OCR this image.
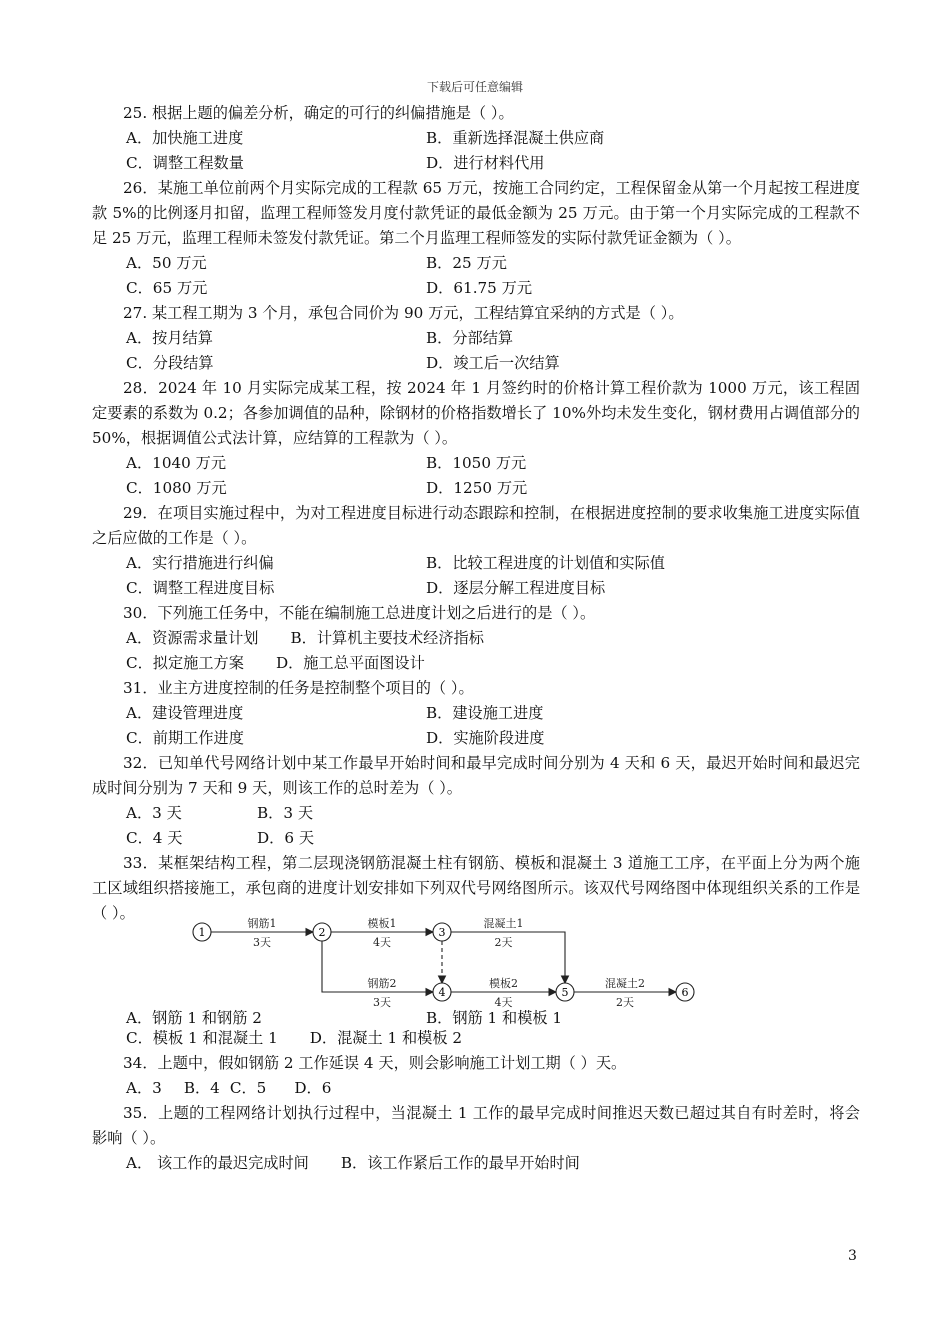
下载后可任意编辑

25. 根据上题的偏差分析，确定的可行的纠偏措施是（ ）。

A．加快施工进度	B．重新选择混凝土供应商
C．调整工程数量	D．进行材料代用

26．某施工单位前两个月实际完成的工程款 65 万元，按施工合同约定，工程保留金从第一个月起按工程进度款 5%的比例逐月扣留，监理工程师签发月度付款凭证的最低金额为 25 万元。由于第一个月实际完成的工程款不足 25 万元，监理工程师未签发付款凭证。第二个月监理工程师签发的实际付款凭证金额为（ ）。

A．50 万元	B．25 万元
C．65 万元	D．61.75 万元

27. 某工程工期为 3 个月，承包合同价为 90 万元，工程结算宜采纳的方式是（ ）。

A．按月结算	B．分部结算
C．分段结算	D．竣工后一次结算

28．2024 年 10 月实际完成某工程，按 2024 年 1 月签约时的价格计算工程价款为 1000 万元，该工程固定要素的系数为 0.2；各参加调值的品种，除钢材的价格指数增长了 10%外均未发生变化，钢材费用占调值部分的 50%，根据调值公式法计算，应结算的工程款为（ ）。

A．1040 万元	B．1050 万元
C．1080 万元	D．1250 万元

29．在项目实施过程中，为对工程进度目标进行动态跟踪和控制，在根据进度控制的要求收集施工进度实际值之后应做的工作是（ ）。

A．实行措施进行纠偏	B．比较工程进度的计划值和实际值
C．调整工程进度目标	D．逐层分解工程进度目标

30．下列施工任务中，不能在编制施工总进度计划之后进行的是（ ）。

A．资源需求量计划 B．计算机主要技术经济指标
C．拟定施工方案 D．施工总平面图设计

31．业主方进度控制的任务是控制整个项目的（ ）。

A．建设管理进度	B．建设施工进度
C．前期工作进度	D．实施阶段进度

32．已知单代号网络计划中某工作最早开始时间和最早完成时间分别为 4 天和 6 天，最迟开始时间和最迟完成时间分别为 7 天和 9 天，则该工作的总时差为（ ）。

A．3 天	B．3 天
C．4 天	D．6 天

33．某框架结构工程，第二层现浇钢筋混凝土柱有钢筋、模板和混凝土 3 道施工工序，在平面上分为两个施工区域组织搭接施工，承包商的进度计划安排如下列双代号网络图所示。该双代号网络图中体现组织关系的工作是（ ）。

1	2	3
4	5	6
钢筋1
3天
模板1
4天
混凝土1
2天
钢筋2
3天
模板2
4天
混凝土2
2天
A．钢筋 1 和钢筋 2	B．钢筋 1 和模板 1
C．模板 1 和混凝土 1 D．混凝土 1 和模板 2

34．上题中，假如钢筋 2 工作延误 4 天，则会影响施工计划工期（ ）天。

A．3 B．4 C．5 D．6

35．上题的工程网络计划执行过程中，当混凝土 1 工作的最早完成时间推迟天数已超过其自有时差时，将会影响（ ）。

A． 该工作的最迟完成时间 B．该工作紧后工作的最早开始时间
3
